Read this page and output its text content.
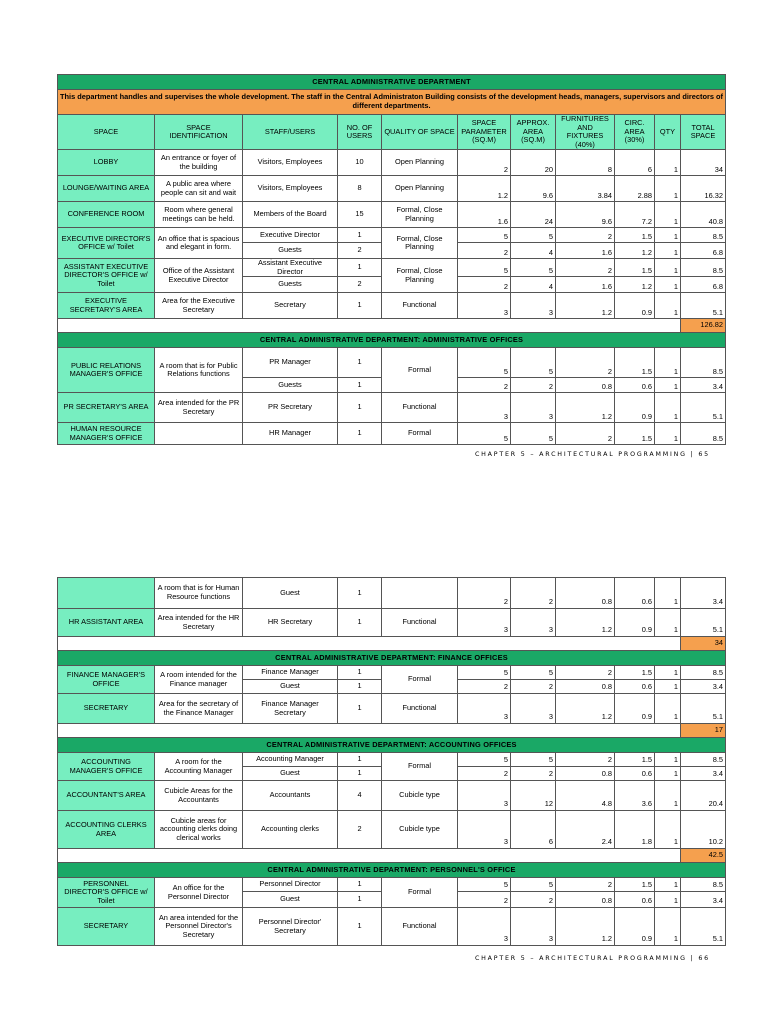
CENTRAL ADMINISTRATIVE DEPARTMENT										
This department handles and supervises the whole development. The staff in the Central Administraton Building consists of the development heads, managers, supervisors and directors of different departments.										
SPACE	SPACE IDENTIFICATION	STAFF/USERS	NO. OF USERS	QUALITY OF SPACE	SPACE PARAMETER (SQ.M)	APPROX. AREA (SQ.M)	FURNITURES AND FIXTURES (40%)	CIRC. AREA (30%)	QTY	TOTAL SPACE
LOBBY	An entrance or foyer of the building	Visitors, Employees	10	Open Planning	2	20	8	6	1	34
LOUNGE/WAITING AREA	A public area where people can sit and wait	Visitors, Employees	8	Open Planning	1.2	9.6	3.84	2.88	1	16.32
CONFERENCE ROOM	Room where general meetings can be held.	Members of the Board	15	Formal, Close Planning	1.6	24	9.6	7.2	1	40.8
EXECUTIVE DIRECTOR'S OFFICE w/ Toilet	An office that is spacious and elegant in form.	Executive Director	1	Formal, Close Planning	5	5	2	1.5	1	8.5
		Guests	2		2	4	1.6	1.2	1	6.8
ASSISTANT EXECUTIVE DIRECTOR'S OFFICE w/ Toilet	Office of the Assistant Executive Director	Assistant Executive Director	1	Formal, Close Planning	5	5	2	1.5	1	8.5
		Guests	2		2	4	1.6	1.2	1	6.8
EXECUTIVE SECRETARY'S AREA	Area for the Executive Secretary	Secretary	1	Functional	3	3	1.2	0.9	1	5.1
										126.82
CENTRAL ADMINISTRATIVE DEPARTMENT: ADMINISTRATIVE OFFICES										
PUBLIC RELATIONS MANAGER'S OFFICE	A room that is for Public Relations functions	PR Manager	1	Formal	5	5	2	1.5	1	8.5
		Guests	1		2	2	0.8	0.6	1	3.4
PR SECRETARY'S AREA	Area intended for the PR Secretary	PR Secretary	1	Functional	3	3	1.2	0.9	1	5.1
HUMAN RESOURCE MANAGER'S OFFICE		HR Manager	1	Formal	5	5	2	1.5	1	8.5
CHAPTER 5 – ARCHITECTURAL PROGRAMMING | 65
	A room that is for Human Resource functions	Guest	1		2	2	0.8	0.6	1	3.4
HR ASSISTANT AREA	Area intended for the HR Secretary	HR Secretary	1	Functional	3	3	1.2	0.9	1	5.1
										34
CENTRAL ADMINISTRATIVE DEPARTMENT: FINANCE OFFICES										
FINANCE MANAGER'S OFFICE	A room intended for the Finance manager	Finance Manager	1	Formal	5	5	2	1.5	1	8.5
		Guest	1		2	2	0.8	0.6	1	3.4
SECRETARY	Area for the secretary of the Finance Manager	Finance Manager Secretary	1	Functional	3	3	1.2	0.9	1	5.1
										17
CENTRAL ADMINISTRATIVE DEPARTMENT: ACCOUNTING OFFICES										
ACCOUNTING MANAGER'S OFFICE	A room for the Accounting Manager	Accounting Manager	1	Formal	5	5	2	1.5	1	8.5
		Guest	1		2	2	0.8	0.6	1	3.4
ACCOUNTANT'S AREA	Cubicle Areas for the Accountants	Accountants	4	Cubicle type	3	12	4.8	3.6	1	20.4
ACCOUNTING CLERKS AREA	Cubicle areas for accounting clerks doing clerical works	Accounting clerks	2	Cubicle type	3	6	2.4	1.8	1	10.2
										42.5
CENTRAL ADMINISTRATIVE DEPARTMENT: PERSONNEL'S OFFICE										
PERSONNEL DIRECTOR'S OFFICE w/ Toilet	An office for the Personnel Director	Personnel Director	1	Formal	5	5	2	1.5	1	8.5
		Guest	1		2	2	0.8	0.6	1	3.4
SECRETARY	An area intended for the Personnel Director's Secretary	Personnel Director' Secretary	1	Functional	3	3	1.2	0.9	1	5.1
CHAPTER 5 – ARCHITECTURAL PROGRAMMING | 66
